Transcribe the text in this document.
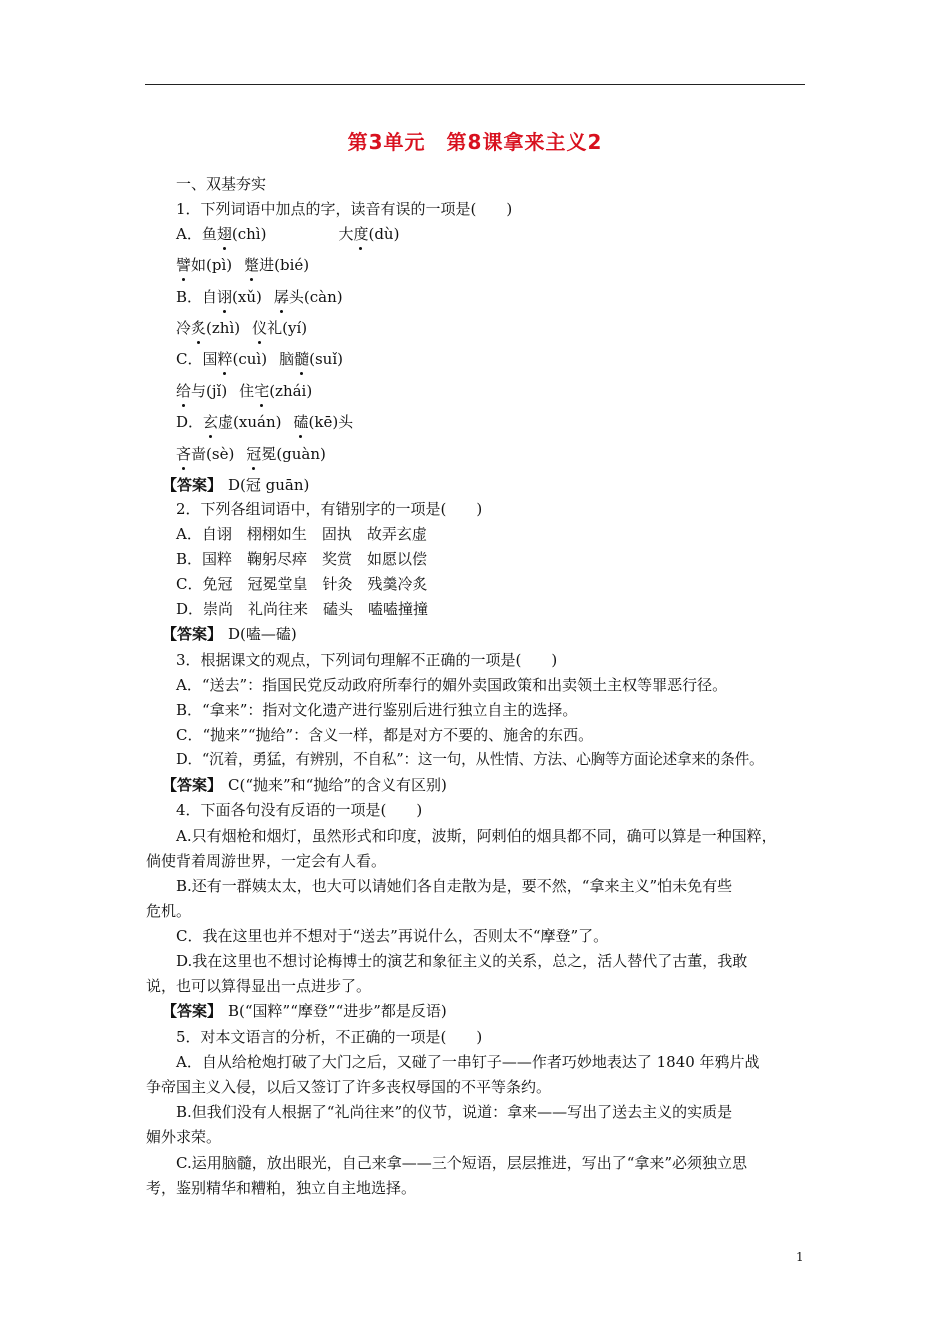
第3单元　第8课拿来主义2
一、双基夯实
1．下列词语中加点的字，读音有误的一项是(　　)
A．鱼翅(chì)	大度(dù)
譬如(pì) 蹩进(bié)
B．自诩(xǔ) 孱头(càn)
冷炙(zhì) 仪礼(yí)
C．国粹(cuì) 脑髓(suǐ)
给与(jǐ) 住宅(zhái)
D．玄虚(xuán) 磕(kē)头
吝啬(sè) 冠冕(guàn)
【答案】 D(冠 guān)
2．下列各组词语中，有错别字的一项是(　　)
A．自诩　栩栩如生　固执　故弄玄虚
B．国粹　鞠躬尽瘁　奖赏　如愿以偿
C．免冠　冠冕堂皇　针灸　残羹冷炙
D．崇尚　礼尚往来　磕头　嗑嗑撞撞
【答案】 D(嗑—磕)
3．根据课文的观点，下列词句理解不正确的一项是(　　)
A．“送去”：指国民党反动政府所奉行的媚外卖国政策和出卖领土主权等罪恶行径。
B．“拿来”：指对文化遗产进行鉴别后进行独立自主的选择。
C．“抛来”“抛给”：含义一样，都是对方不要的、施舍的东西。
D．“沉着，勇猛，有辨别，不自私”：这一句，从性情、方法、心胸等方面论述拿来的条件。
【答案】 C(“抛来”和“抛给”的含义有区别)
4．下面各句没有反语的一项是(　　)
A.只有烟枪和烟灯，虽然形式和印度，波斯，阿剌伯的烟具都不同，确可以算是一种国粹，
倘使背着周游世界，一定会有人看。
B.还有一群姨太太，也大可以请她们各自走散为是，要不然，“拿来主义”怕未免有些
危机。
C．我在这里也并不想对于“送去”再说什么，否则太不“摩登”了。
D.我在这里也不想讨论梅博士的演艺和象征主义的关系，总之，活人替代了古董，我敢
说，也可以算得显出一点进步了。
【答案】 B(“国粹”“摩登”“进步”都是反语)
5．对本文语言的分析，不正确的一项是(　　)
A．自从给枪炮打破了大门之后，又碰了一串钉子——作者巧妙地表达了 1840 年鸦片战
争帝国主义入侵，以后又签订了许多丧权辱国的不平等条约。
B.但我们没有人根据了“礼尚往来”的仪节，说道：拿来——写出了送去主义的实质是
媚外求荣。
C.运用脑髓，放出眼光，自己来拿——三个短语，层层推进，写出了“拿来”必须独立思
考，鉴别精华和糟粕，独立自主地选择。
1
